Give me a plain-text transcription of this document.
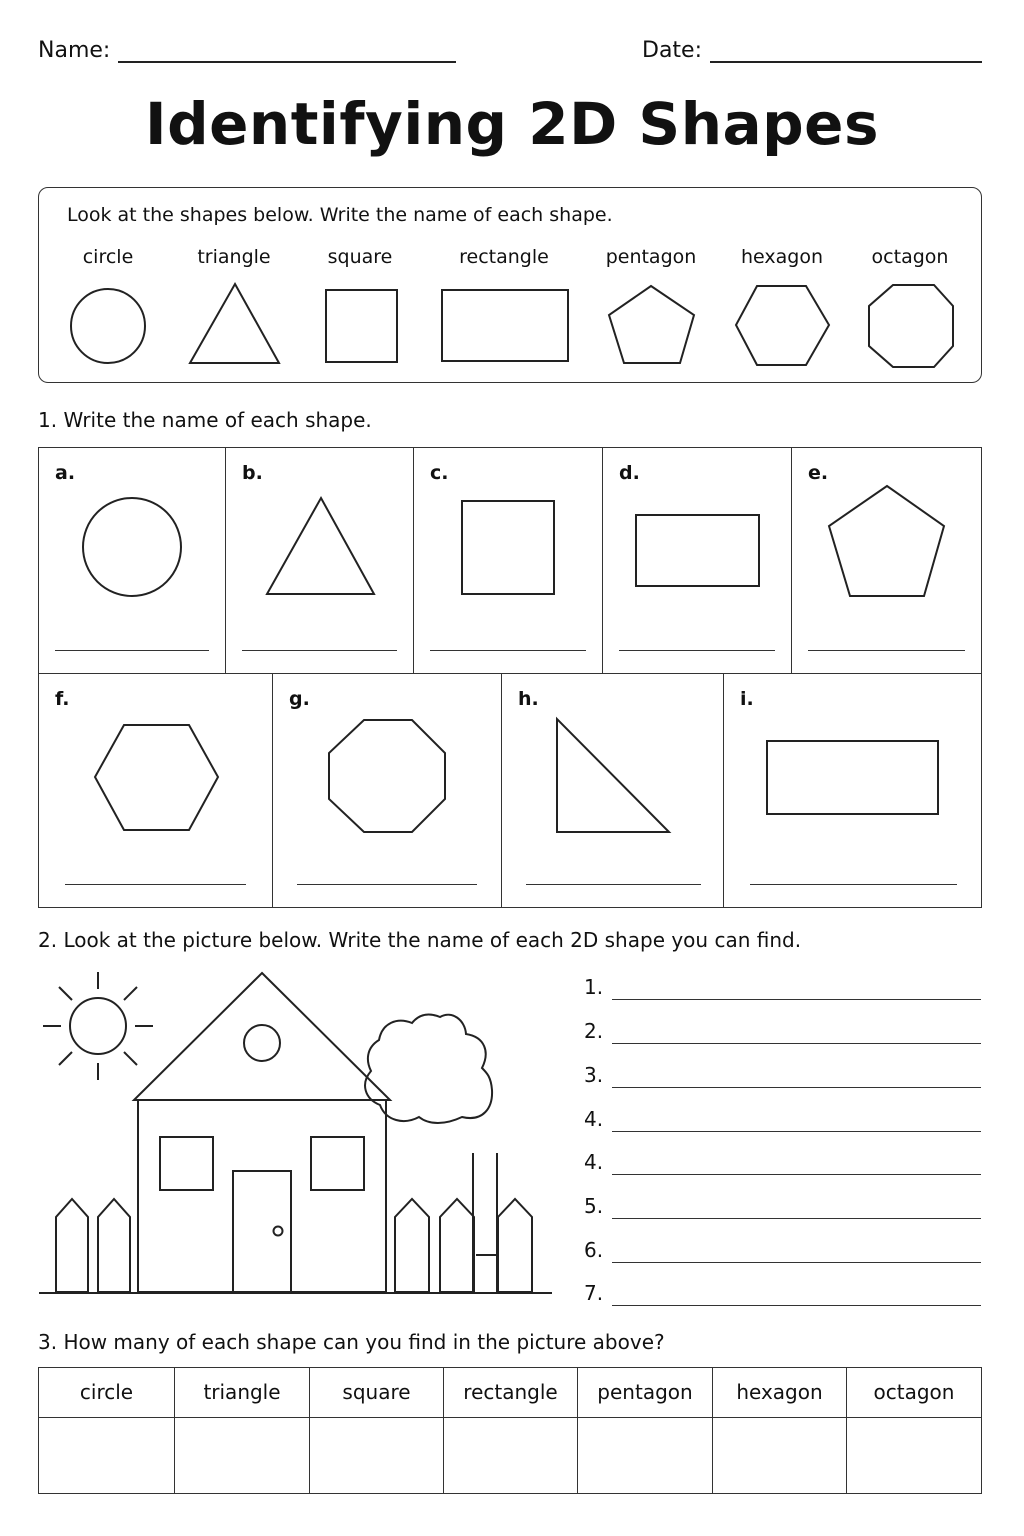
Name:	Date:
Identifying 2D Shapes
Look at the shapes below. Write the name of each shape.
circle	triangle	square	rectangle	pentagon	hexagon	octagon
1. Write the name of each shape.
a.	b.	c.	d.	e.
f.	g.	h.	i.
2. Look at the picture below. Write the name of each 2D shape you can find.
1.
2.
3.
4.
4.
5.
6.
7.
3. How many of each shape can you find in the picture above?
circle	triangle	square	rectangle	pentagon	hexagon	octagon
